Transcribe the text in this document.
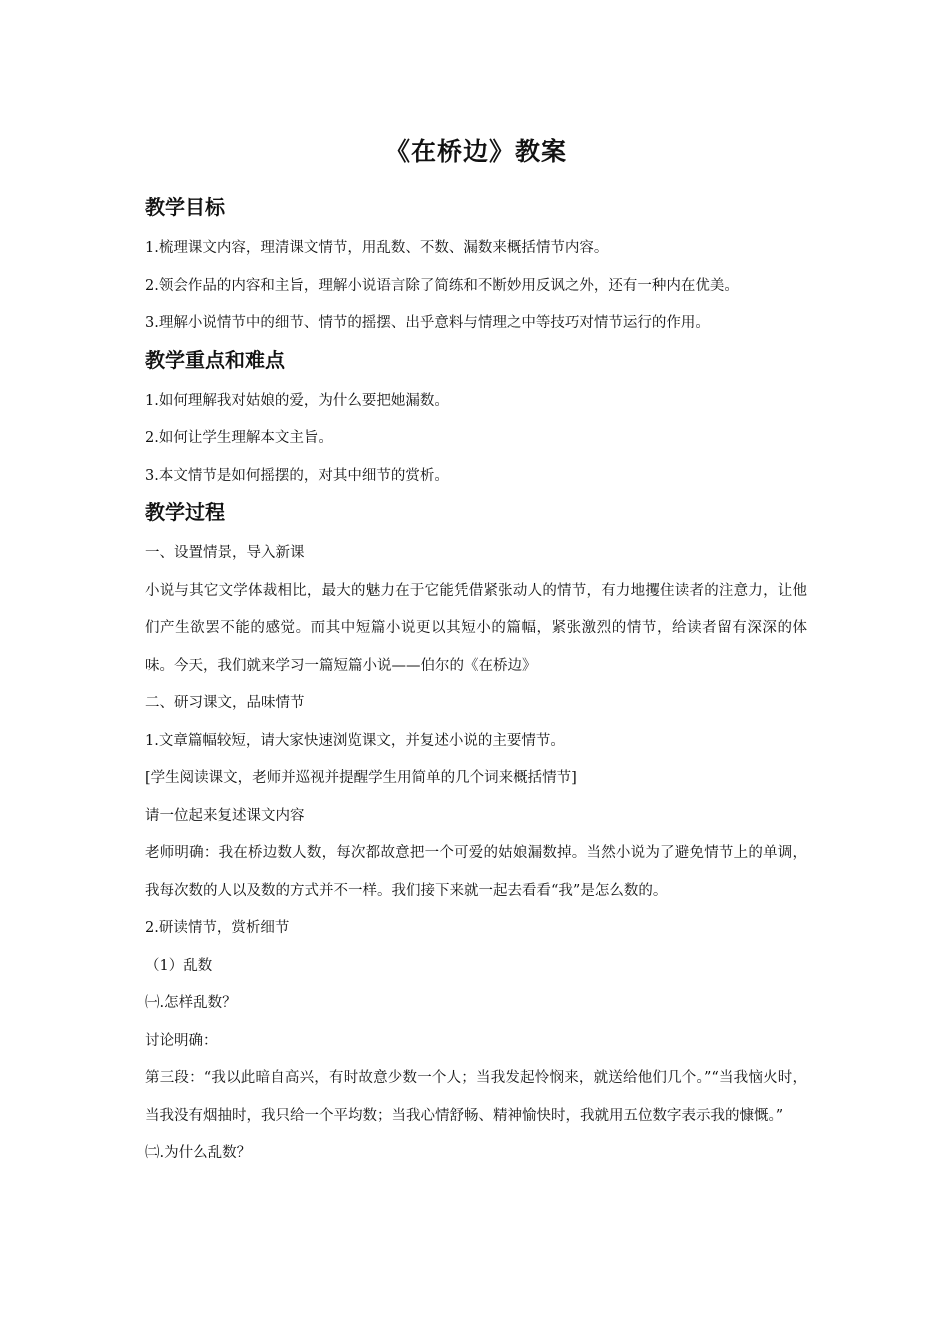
《在桥边》教案
教学目标

1.梳理课文内容，理清课文情节，用乱数、不数、漏数来概括情节内容。

2.领会作品的内容和主旨，理解小说语言除了简练和不断妙用反讽之外，还有一种内在优美。

3.理解小说情节中的细节、情节的摇摆、出乎意料与情理之中等技巧对情节运行的作用。

教学重点和难点

1.如何理解我对姑娘的爱，为什么要把她漏数。

2.如何让学生理解本文主旨。

3.本文情节是如何摇摆的，对其中细节的赏析。

教学过程

一、设置情景，导入新课

小说与其它文学体裁相比，最大的魅力在于它能凭借紧张动人的情节，有力地攫住读者的注意力，让他们产生欲罢不能的感觉。而其中短篇小说更以其短小的篇幅，紧张激烈的情节，给读者留有深深的体味。今天，我们就来学习一篇短篇小说——伯尔的《在桥边》

二、研习课文，品味情节

1.文章篇幅较短，请大家快速浏览课文，并复述小说的主要情节。

[学生阅读课文，老师并巡视并提醒学生用简单的几个词来概括情节]

请一位起来复述课文内容

老师明确：我在桥边数人数，每次都故意把一个可爱的姑娘漏数掉。当然小说为了避免情节上的单调，我每次数的人以及数的方式并不一样。我们接下来就一起去看看“我”是怎么数的。

2.研读情节，赏析细节

（1）乱数

㈠.怎样乱数？

讨论明确：

第三段：“我以此暗自高兴，有时故意少数一个人；当我发起怜悯来，就送给他们几个。”“当我恼火时，当我没有烟抽时，我只给一个平均数；当我心情舒畅、精神愉快时，我就用五位数字表示我的慷慨。”

㈡.为什么乱数？
